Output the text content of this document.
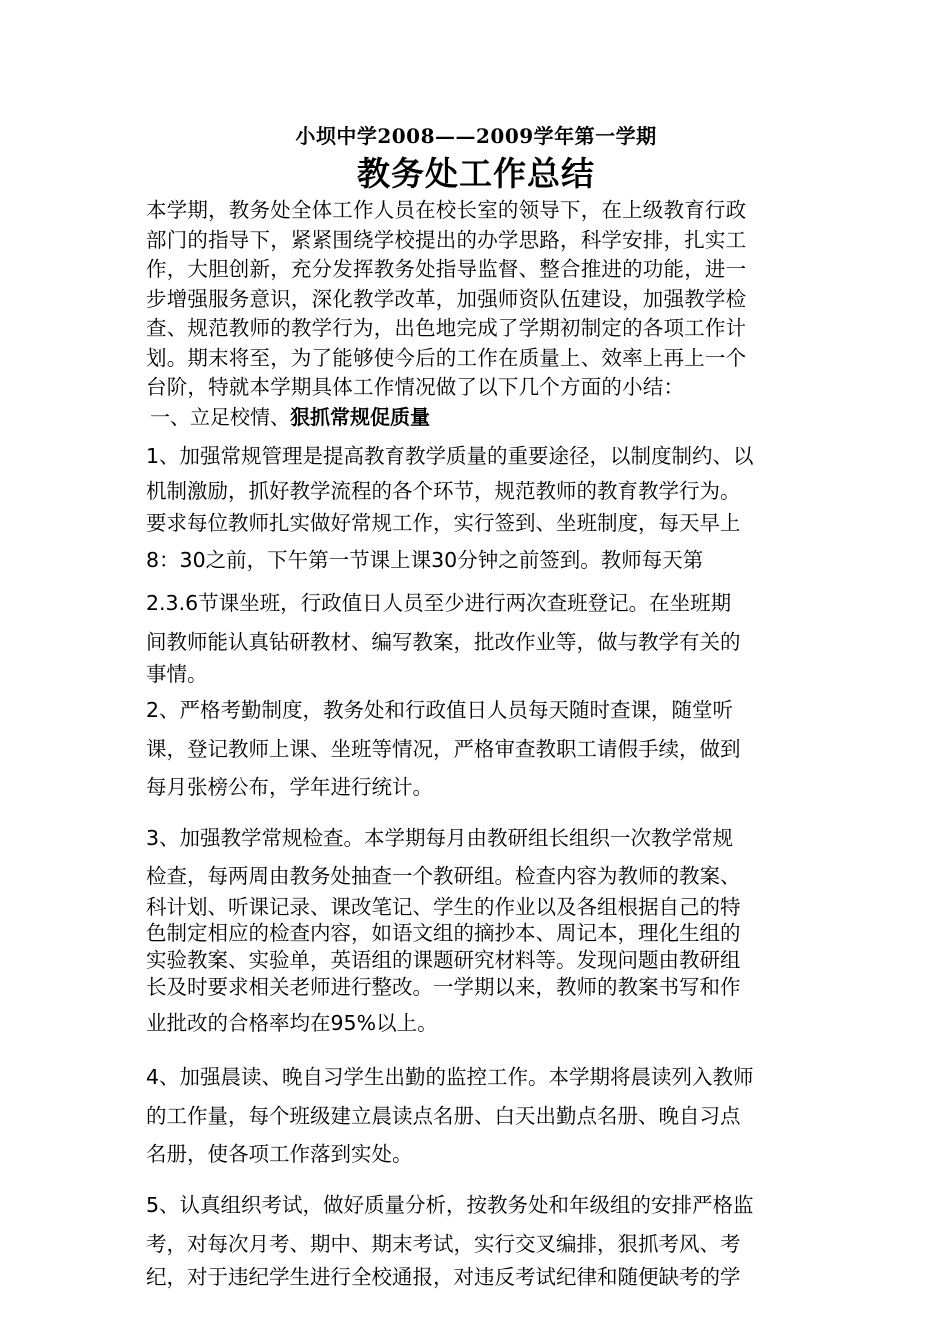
小坝中学2008——2009学年第一学期

教务处工作总结

本学期，教务处全体工作人员在校长室的领导下，在上级教育行政
部门的指导下，紧紧围绕学校提出的办学思路，科学安排，扎实工
作，大胆创新，充分发挥教务处指导监督、整合推进的功能，进一
步增强服务意识，深化教学改革，加强师资队伍建设，加强教学检
查、规范教师的教学行为，出色地完成了学期初制定的各项工作计
划。期末将至，为了能够使今后的工作在质量上、效率上再上一个
台阶，特就本学期具体工作情况做了以下几个方面的小结：

一、立足校情、狠抓常规促质量

1、加强常规管理是提高教育教学质量的重要途径，以制度制约、以
机制激励，抓好教学流程的各个环节，规范教师的教育教学行为。
要求每位教师扎实做好常规工作，实行签到、坐班制度，每天早上
8：30之前，下午第一节课上课30分钟之前签到。教师每天第
2.3.6节课坐班，行政值日人员至少进行两次查班登记。在坐班期
间教师能认真钻研教材、编写教案，批改作业等，做与教学有关的
事情。
2、严格考勤制度，教务处和行政值日人员每天随时查课，随堂听
课，登记教师上课、坐班等情况，严格审查教职工请假手续，做到
每月张榜公布，学年进行统计。
3、加强教学常规检查。本学期每月由教研组长组织一次教学常规
检查，每两周由教务处抽查一个教研组。检查内容为教师的教案、
科计划、听课记录、课改笔记、学生的作业以及各组根据自己的特
色制定相应的检查内容，如语文组的摘抄本、周记本，理化生组的
实验教案、实验单，英语组的课题研究材料等。发现问题由教研组
长及时要求相关老师进行整改。一学期以来，教师的教案书写和作
业批改的合格率均在95%以上。
4、加强晨读、晚自习学生出勤的监控工作。本学期将晨读列入教师
的工作量，每个班级建立晨读点名册、白天出勤点名册、晚自习点
名册，使各项工作落到实处。
5、认真组织考试，做好质量分析，按教务处和年级组的安排严格监
考，对每次月考、期中、期末考试，实行交叉编排，狠抓考风、考
纪，对于违纪学生进行全校通报，对违反考试纪律和随便缺考的学
